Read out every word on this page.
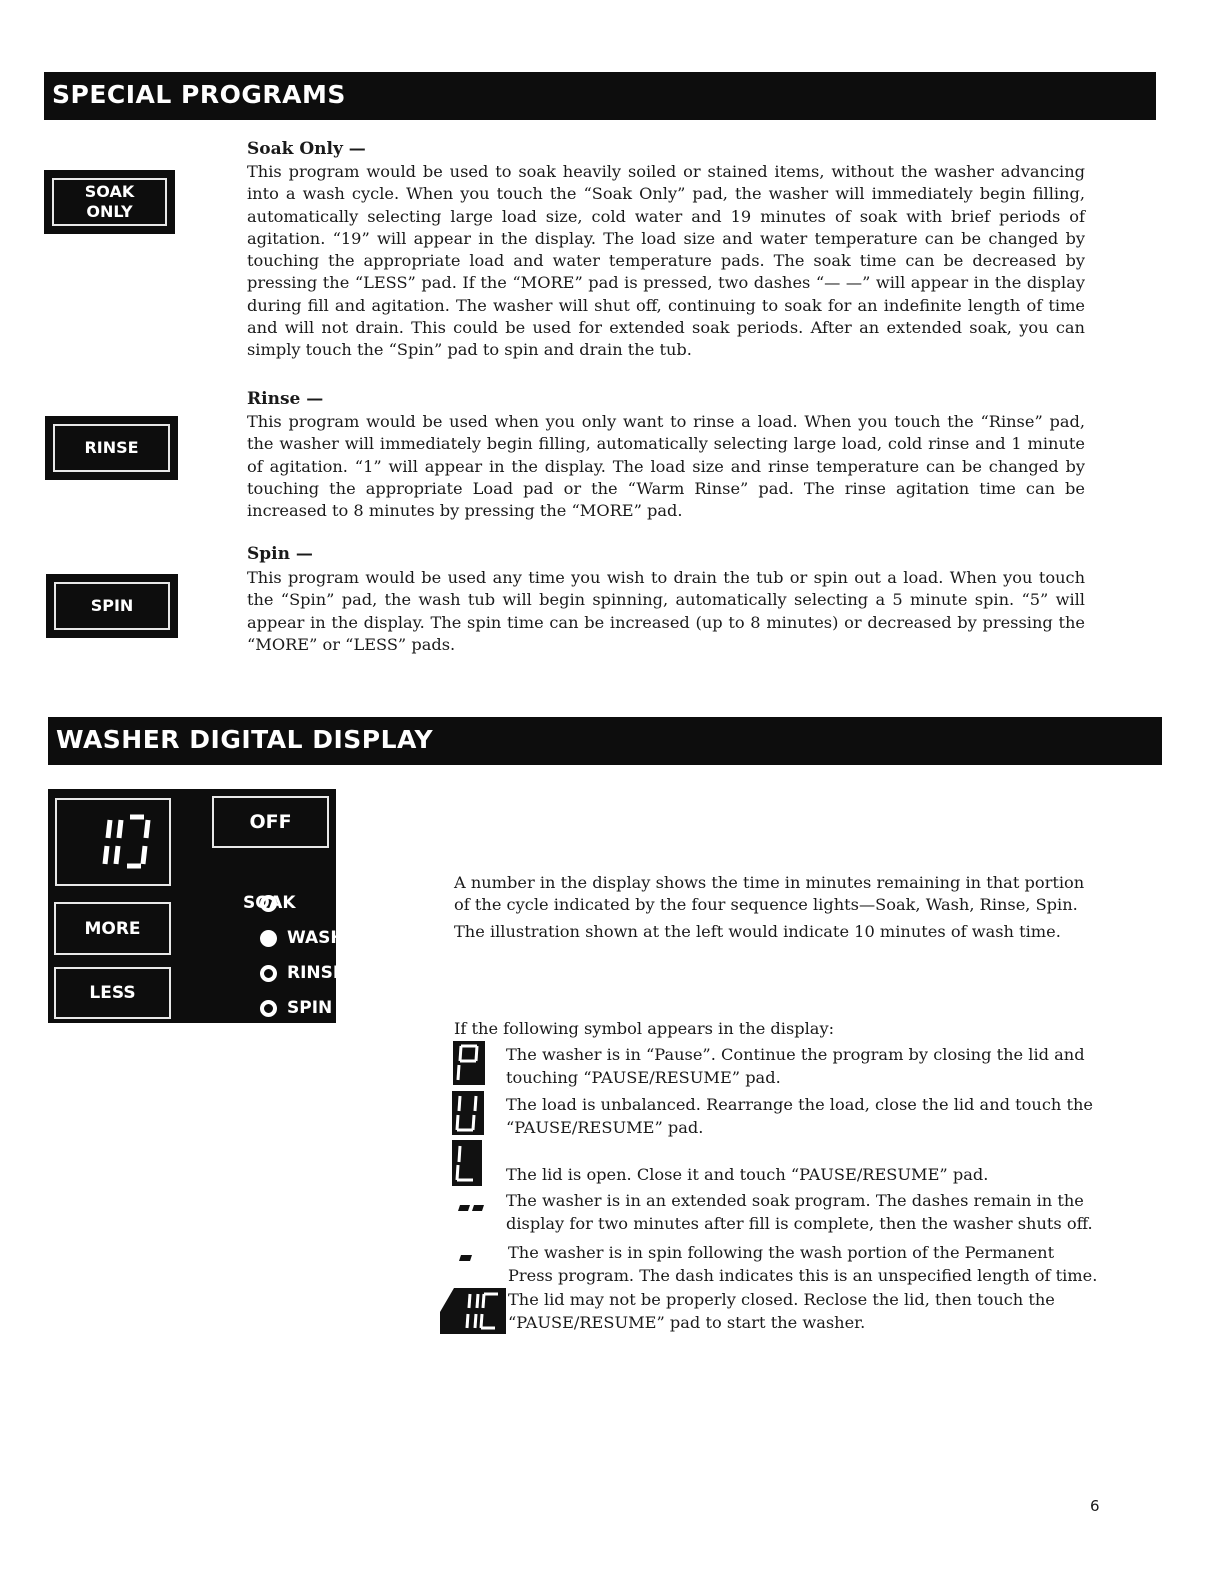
SPECIAL PROGRAMS
SOAK
ONLY
Soak Only —

This program would be used to soak heavily soiled or stained items, without the washer advancing into a wash cycle. When you touch the “Soak Only” pad, the washer will immediately begin filling, automatically selecting large load size, cold water and 19 minutes of soak with brief periods of agitation. “19” will appear in the display. The load size and water temperature can be changed by touching the appropriate load and water temperature pads. The soak time can be decreased by pressing the “LESS” pad. If the “MORE” pad is pressed, two dashes “— —” will appear in the display during fill and agitation. The washer will shut off, continuing to soak for an indefinite length of time and will not drain. This could be used for extended soak periods. After an extended soak, you can simply touch the “Spin” pad to spin and drain the tub.

RINSE
Rinse —

This program would be used when you only want to rinse a load. When you touch the “Rinse” pad, the washer will immediately begin filling, automatically selecting large load, cold rinse and 1 minute of agitation. “1” will appear in the display. The load size and rinse temperature can be changed by touching the appropriate Load pad or the “Warm Rinse” pad. The rinse agitation time can be increased to 8 minutes by pressing the “MORE” pad.

SPIN
Spin —

This program would be used any time you wish to drain the tub or spin out a load. When you touch the “Spin” pad, the wash tub will begin spinning, automatically selecting a 5 minute spin. “5” will appear in the display. The spin time can be increased (up to 8 minutes) or decreased by pressing the “MORE” or “LESS” pads.

WASHER DIGITAL DISPLAY
OFF
MORE
LESS
SOAK
WASH
RINSE
SPIN

A number in the display shows the time in minutes remaining in that portion

of the cycle indicated by the four sequence lights—Soak, Wash, Rinse, Spin.

The illustration shown at the left would indicate 10 minutes of wash time.

If the following symbol appears in the display:

The washer is in “Pause”. Continue the program by closing the lid and

touching “PAUSE/RESUME” pad.

The load is unbalanced. Rearrange the load, close the lid and touch the

“PAUSE/RESUME” pad.

The lid is open. Close it and touch “PAUSE/RESUME” pad.

The washer is in an extended soak program. The dashes remain in the

display for two minutes after fill is complete, then the washer shuts off.

The washer is in spin following the wash portion of the Permanent

Press program. The dash indicates this is an unspecified length of time.

The lid may not be properly closed. Reclose the lid, then touch the

“PAUSE/RESUME” pad to start the washer.

6
